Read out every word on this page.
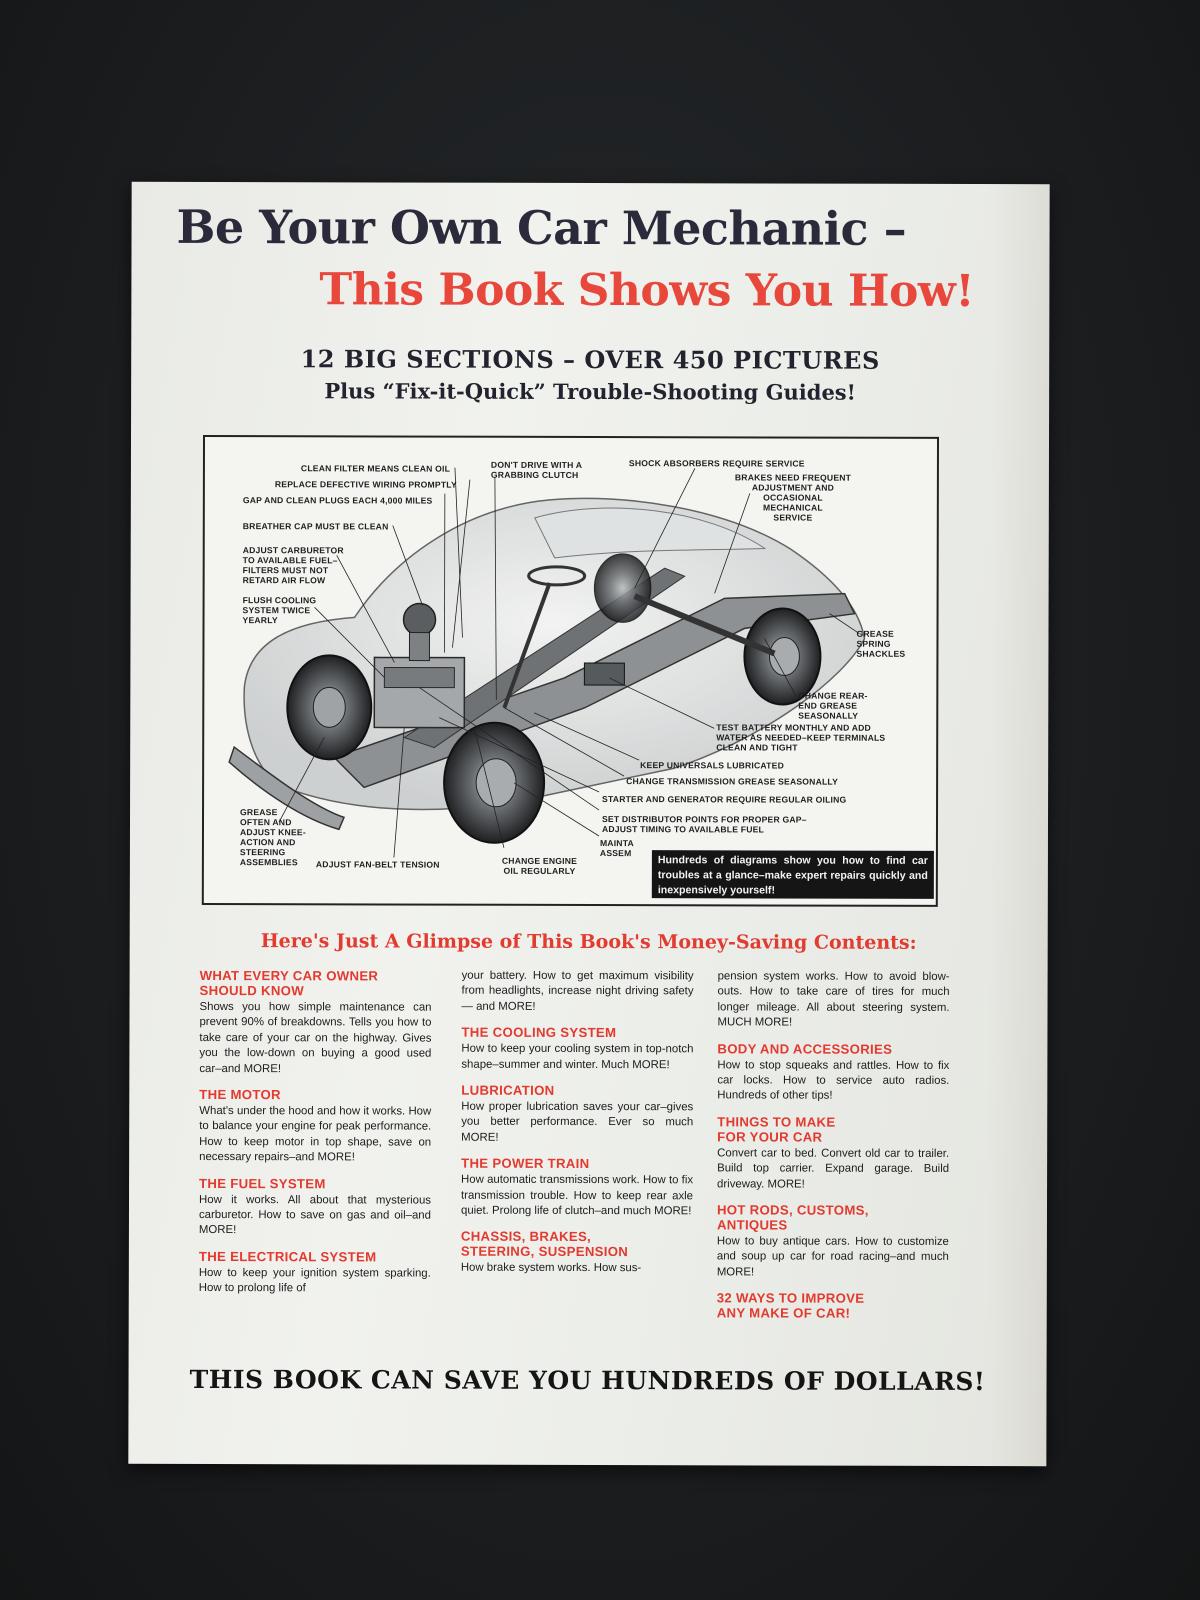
Be Your Own Car Mechanic –
This Book Shows You How!
12 BIG SECTIONS – OVER 450 PICTURES
Plus “Fix-it-Quick” Trouble-Shooting Guides!
CLEAN FILTER MEANS CLEAN OIL
REPLACE DEFECTIVE WIRING PROMPTLY
GAP AND CLEAN PLUGS EACH 4,000 MILES
BREATHER CAP MUST BE CLEAN
ADJUST CARBURETOR
TO AVAILABLE FUEL–
FILTERS MUST NOT
RETARD AIR FLOW
FLUSH COOLING
SYSTEM TWICE
YEARLY
DON'T DRIVE WITH A
GRABBING CLUTCH
SHOCK ABSORBERS REQUIRE SERVICE
BRAKES NEED FREQUENT
ADJUSTMENT AND
OCCASIONAL
MECHANICAL
SERVICE
GREASE
SPRING
SHACKLES
CHANGE REAR-
END GREASE
SEASONALLY
TEST BATTERY MONTHLY AND ADD
WATER AS NEEDED–KEEP TERMINALS
CLEAN AND TIGHT
KEEP UNIVERSALS LUBRICATED
CHANGE TRANSMISSION GREASE SEASONALLY
STARTER AND GENERATOR REQUIRE REGULAR OILING
SET DISTRIBUTOR POINTS FOR PROPER GAP–
ADJUST TIMING TO AVAILABLE FUEL
MAINTA
ASSEM
CHANGE ENGINE
OIL REGULARLY
ADJUST FAN-BELT TENSION
GREASE
OFTEN AND
ADJUST KNEE-
ACTION AND
STEERING
ASSEMBLIES	Hundreds of diagrams show you how to find car troubles at a glance–make expert repairs quickly and inexpensively yourself!
Here's Just A Glimpse of This Book's Money-Saving Contents:
WHAT EVERY CAR OWNER
SHOULD KNOW
Shows you how simple maintenance can prevent 90% of breakdowns. Tells you how to take care of your car on the highway. Gives you the low-down on buying a good used car–and MORE!
THE MOTOR
What's under the hood and how it works. How to balance your engine for peak performance. How to keep motor in top shape, save on necessary repairs–and MORE!
THE FUEL SYSTEM
How it works. All about that mysterious carburetor. How to save on gas and oil–and MORE!
THE ELECTRICAL SYSTEM
How to keep your ignition system sparking. How to prolong life of
your battery. How to get maximum visibility from headlights, increase night driving safety — and MORE!
THE COOLING SYSTEM
How to keep your cooling system in top-notch shape–summer and winter. Much MORE!
LUBRICATION
How proper lubrication saves your car–gives you better performance. Ever so much MORE!
THE POWER TRAIN
How automatic transmissions work. How to fix transmission trouble. How to keep rear axle quiet. Prolong life of clutch–and much MORE!
CHASSIS, BRAKES,
STEERING, SUSPENSION
How brake system works. How sus-
pension system works. How to avoid blow-outs. How to take care of tires for much longer mileage. All about steering system. MUCH MORE!
BODY AND ACCESSORIES
How to stop squeaks and rattles. How to fix car locks. How to service auto radios. Hundreds of other tips!
THINGS TO MAKE
FOR YOUR CAR
Convert car to bed. Convert old car to trailer. Build top carrier. Expand garage. Build driveway. MORE!
HOT RODS, CUSTOMS,
ANTIQUES
How to buy antique cars. How to customize and soup up car for road racing–and much MORE!
32 WAYS TO IMPROVE
ANY MAKE OF CAR!
THIS BOOK CAN SAVE YOU HUNDREDS OF DOLLARS!
